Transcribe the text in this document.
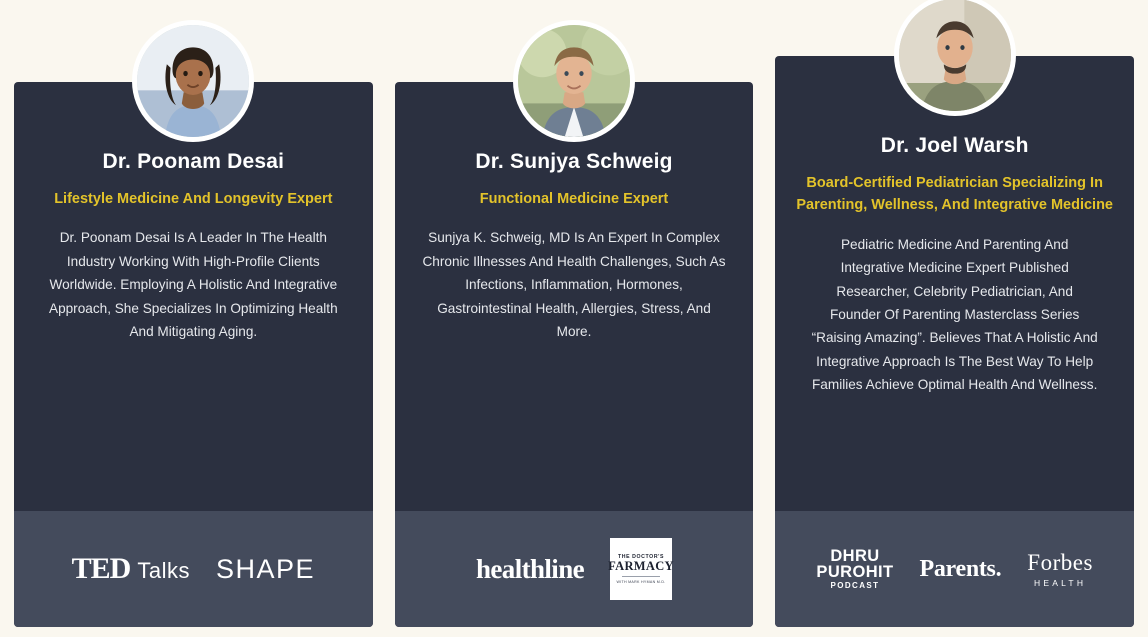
Dr. Poonam Desai
Lifestyle Medicine And Longevity Expert
Dr. Poonam Desai Is A Leader In The Health Industry Working With High-Profile Clients Worldwide. Employing A Holistic And Integrative Approach, She Specializes In Optimizing Health And Mitigating Aging.
TED Talks SHAPE
Dr. Sunjya Schweig
Functional Medicine Expert
Sunjya K. Schweig, MD Is An Expert In Complex Chronic Illnesses And Health Challenges, Such As Infections, Inflammation, Hormones, Gastrointestinal Health, Allergies, Stress, And More.
healthline	THE DOCTOR'S
FARMACY
WITH MARK HYMAN M.D.
Dr. Joel Warsh
Board-Certified Pediatrician Specializing In Parenting, Wellness, And Integrative Medicine
Pediatric Medicine And Parenting And Integrative Medicine Expert Published Researcher, Celebrity Pediatrician, And Founder Of Parenting Masterclass Series “Raising Amazing”. Believes That A Holistic And Integrative Approach Is The Best Way To Help Families Achieve Optimal Health And Wellness.
DHRU
PUROHIT
PODCAST
Parents. Forbes
HEALTH
